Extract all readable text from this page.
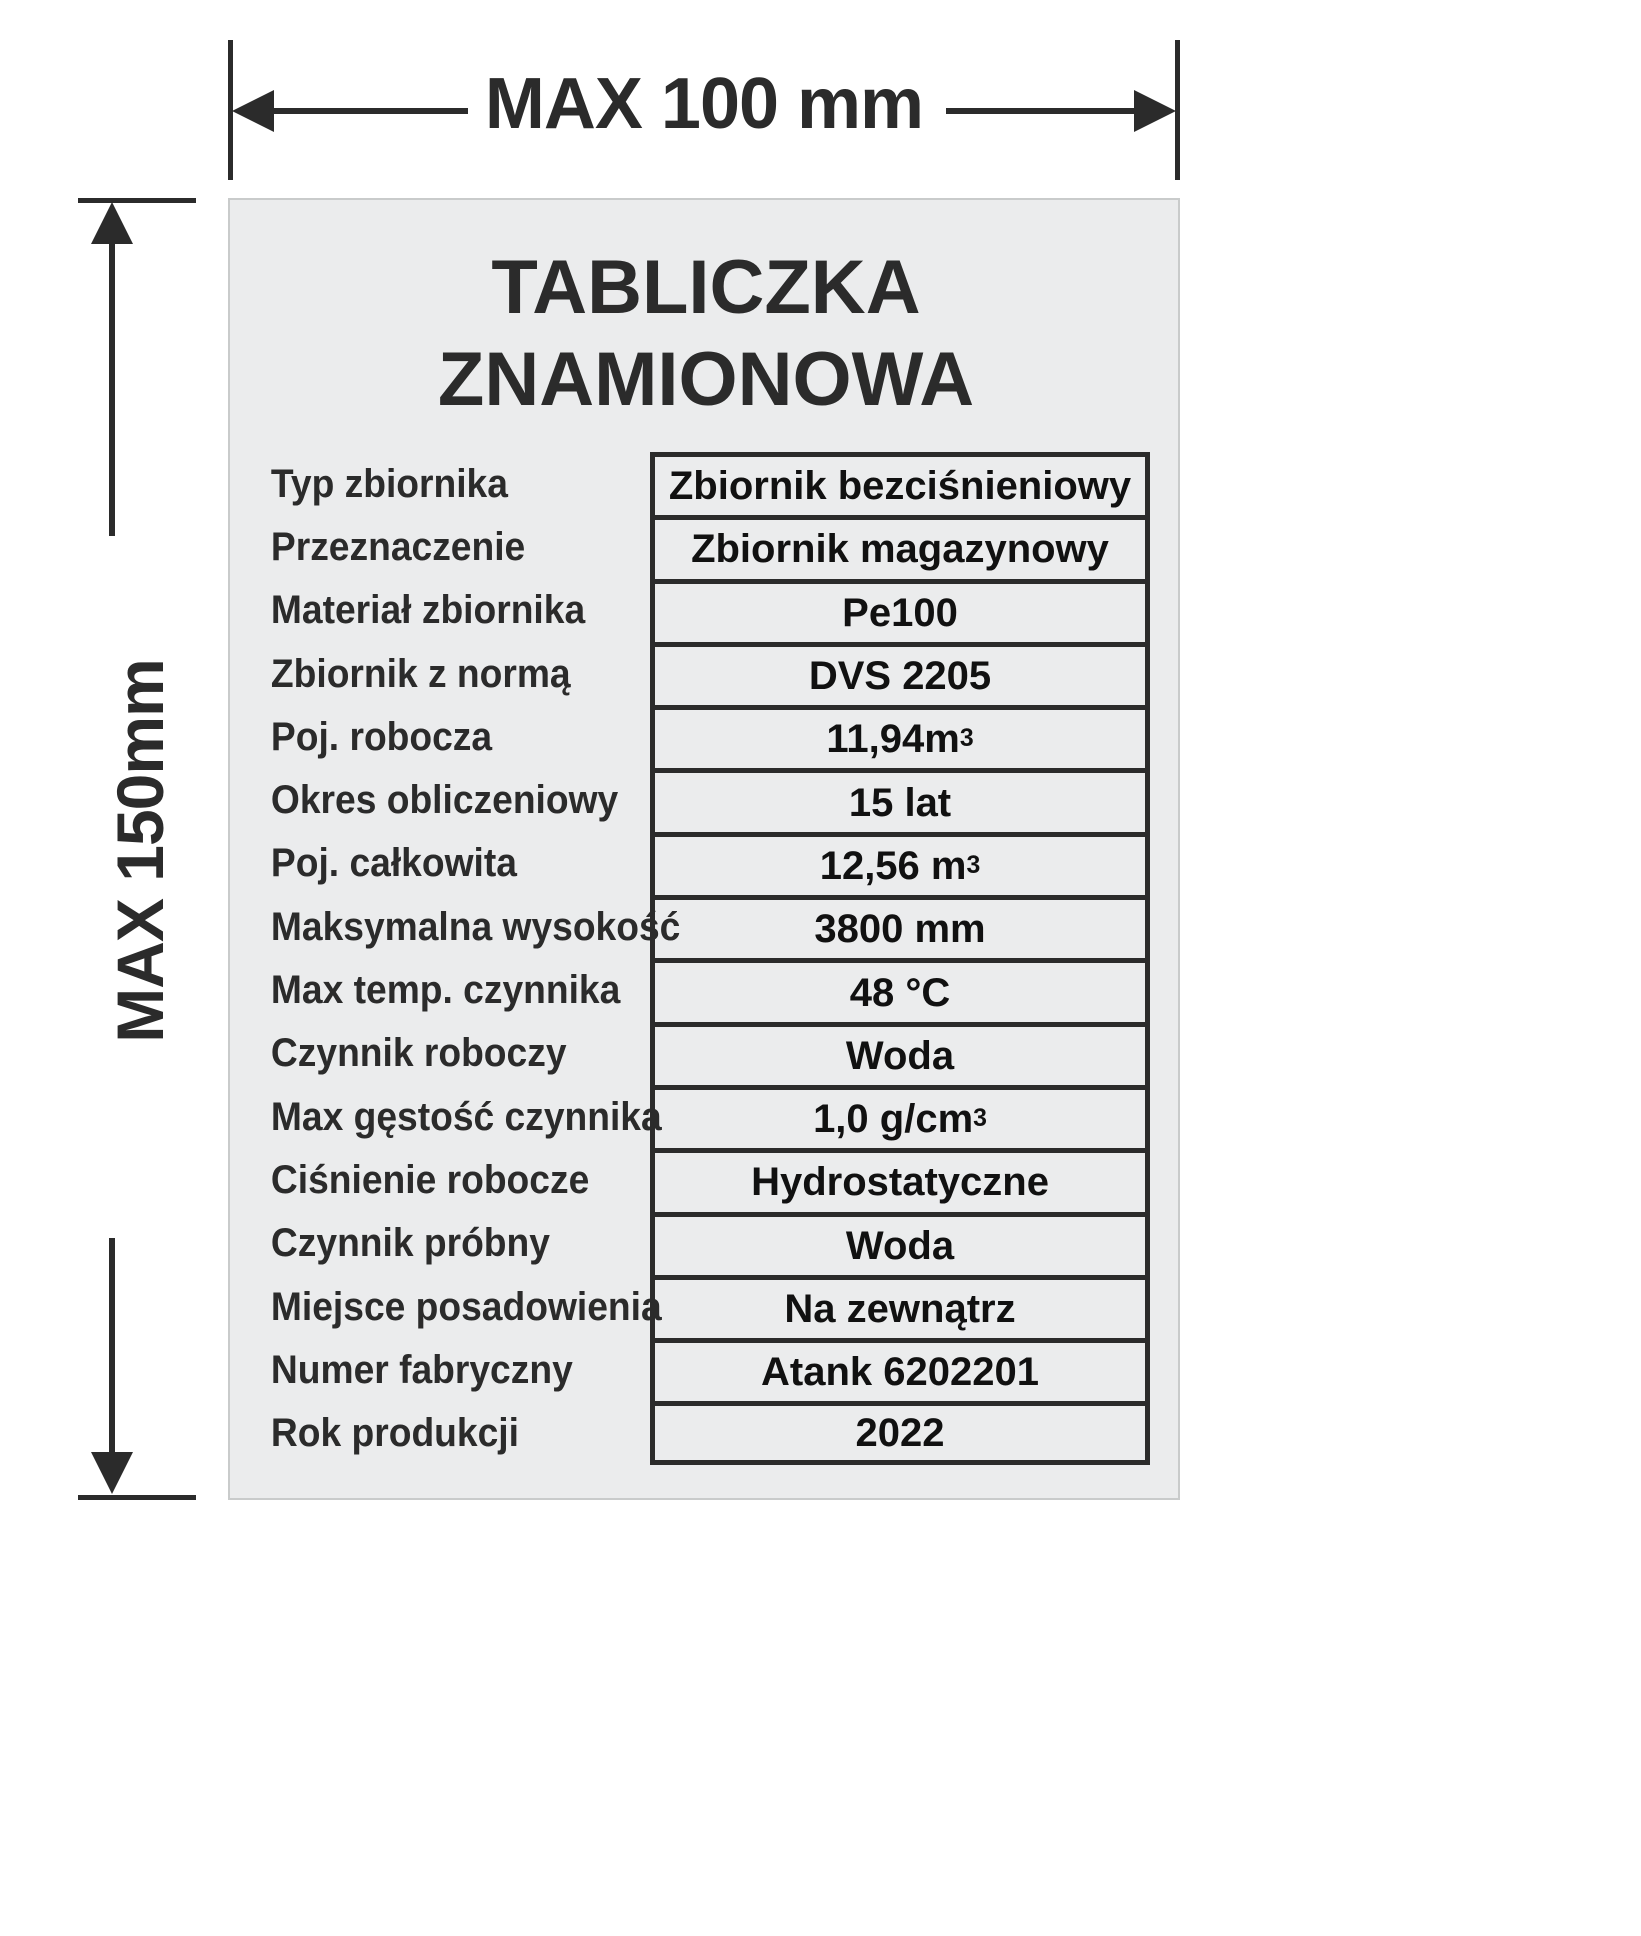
MAX 100 mm
MAX 150mm
TABLICZKA
ZNAMIONOWA
Typ zbiornika	Zbiornik bezciśnieniowy
Przeznaczenie	Zbiornik magazynowy
Materiał zbiornika	Pe100
Zbiornik z normą	DVS 2205
Poj. robocza	11,94m 3
Okres obliczeniowy	15 lat
Poj. całkowita	12,56 m 3
Maksymalna wysokość	3800 mm
Max temp. czynnika	48 °C
Czynnik roboczy	Woda
Max gęstość czynnika	1,0 g/cm 3
Ciśnienie robocze	Hydrostatyczne
Czynnik próbny	Woda
Miejsce posadowienia	Na zewnątrz
Numer fabryczny	Atank 6202201
Rok produkcji	2022
